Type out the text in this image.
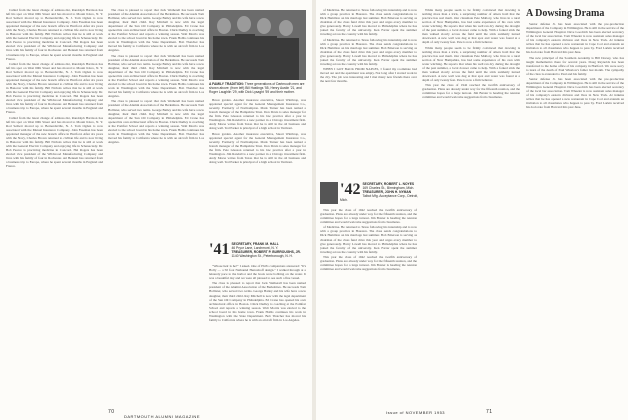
Culled from the latest change of address-list, Randolph Harrison has left his spot on West 60th Street and has moved to Mount Kisco, N. Y. Rod Seibert moved up to Bernardsville, N. J. Tom Ogden is now associated with the Mutual Insurance Company. John Freeman has been appointed manager of the new branch office in Hartford. After six years with the Navy, Charles Brown returned to civilian life and is now living in Hanover with his family. Bill Nichols writes that he is still at work with the General Electric Company and enjoying life in Schenectady. Dr. Bob Pearce is practicing medicine in Concord. Hal Rogers has been elected vice president of the Wildwood Manufacturing Company and lives with his family of four in Rochester. Art Bennett has returned from a business trip to Europe, where he spent several months in England and France.

Culled from the latest change of address-list, Randolph Harrison has left his spot on West 60th Street and has moved to Mount Kisco, N. Y. Rod Seibert moved up to Bernardsville, N. J. Tom Ogden is now associated with the Mutual Insurance Company. John Freeman has been appointed manager of the new branch office in Hartford. After six years with the Navy, Charles Brown returned to civilian life and is now living in Hanover with his family. Bill Nichols writes that he is still at work with the General Electric Company and enjoying life in Schenectady. Dr. Bob Pearce is practicing medicine in Concord. Hal Rogers has been elected vice president of the Wildwood Manufacturing Company and lives with his family of four in Rochester. Art Bennett has returned from a business trip to Europe, where he spent several months in England and France.

Culled from the latest change of address-list, Randolph Harrison has left his spot on West 60th Street and has moved to Mount Kisco, N. Y. Rod Seibert moved up to Bernardsville, N. J. Tom Ogden is now associated with the Mutual Insurance Company. John Freeman has been appointed manager of the new branch office in Hartford. After six years with the Navy, Charles Brown returned to civilian life and is now living in Hanover with his family. Bill Nichols writes that he is still at work with the General Electric Company and enjoying life in Schenectady. Dr. Bob Pearce is practicing medicine in Concord. Hal Rogers has been elected vice president of the Wildwood Manufacturing Company and lives with his family of four in Rochester. Art Bennett has returned from a business trip to Europe, where he spent several months in England and France.

The class is pleased to report that Jack Wetherell has been named president of the Alumni Association of the Berkshires. He succeeds Tom Hollister, who served two terms. George Bailey and his wife have a new daughter, their third child. Ray Mitchell is now with the legal department of the Sun Oil Company in Philadelphia. Ed Crane has opened his own architectural office in Boston. Chick Dudley is coaching at the Pomfret School and reports a winning season. Walt Morris was elected to the school board in his home town. Frank Hollis continues his work in Washington with the State Department. Bob Thatcher has moved his family to California where he is with an aircraft firm in Los Angeles.

The class is pleased to report that Jack Wetherell has been named president of the Alumni Association of the Berkshires. He succeeds Tom Hollister, who served two terms. George Bailey and his wife have a new daughter, their third child. Ray Mitchell is now with the legal department of the Sun Oil Company in Philadelphia. Ed Crane has opened his own architectural office in Boston. Chick Dudley is coaching at the Pomfret School and reports a winning season. Walt Morris was elected to the school board in his home town. Frank Hollis continues his work in Washington with the State Department. Bob Thatcher has moved his family to California where he is with an aircraft firm in Los Angeles.

The class is pleased to report that Jack Wetherell has been named president of the Alumni Association of the Berkshires. He succeeds Tom Hollister, who served two terms. George Bailey and his wife have a new daughter, their third child. Ray Mitchell is now with the legal department of the Sun Oil Company in Philadelphia. Ed Crane has opened his own architectural office in Boston. Chick Dudley is coaching at the Pomfret School and reports a winning season. Walt Morris was elected to the school board in his home town. Frank Hollis continues his work in Washington with the State Department. Bob Thatcher has moved his family to California where he is with an aircraft firm in Los Angeles.

A FAMILY TRADITION: Three generations of Dartmouth men are shown above: (from left) Bill Hastings '55, Henry Austin '21, and Roger Laughlin '29, with Dick Lysaght '59 and their mother.

Bruce garden. Another insurance executive, Stuart Winthrop, was appointed special agent for the General Management Insurance Co., recently. Formerly of Northampton. Mark Turner has been named a branch manager of the Hampshire Trust. Don Davis is sales manager for the firm. Pete Gleason returned to his law practice after a year in Washington. Jim Randall is a new partner in a Chicago investment firm. Andy Morse writes from Texas that he is still in the oil business and doing well. Ted Parker is principal of a high school in Vermont.

Bruce garden. Another insurance executive, Stuart Winthrop, was appointed special agent for the General Management Insurance Co., recently. Formerly of Northampton. Mark Turner has been named a branch manager of the Hampshire Trust. Don Davis is sales manager for the firm. Pete Gleason returned to his law practice after a year in Washington. Jim Randall is a new partner in a Chicago investment firm. Andy Morse writes from Texas that he is still in the oil business and doing well. Ted Parker is principal of a high school in Vermont.

'41 SECRETARY, FRANK M. HALL
46 Pryor Lane, Larchmont, N. Y.
TREASURER, ROBERT P. BURROUGHS, JR.
1140 Washington St., Peterborough, N. H.

"Whose heir is he?" I asked. One of Phil's companions answered: "It's Holly — a 50 foot Nathaniel Herreshoff design." I walked through at a leisurely pace to the harbor and the boats were bobbing on the water. It was a beautiful day and we were all pleased to see such a fine vessel.

The class is pleased to report that Jack Wetherell has been named president of the Alumni Association of the Berkshires. He succeeds Tom Hollister, who served two terms. George Bailey and his wife have a new daughter, their third child. Ray Mitchell is now with the legal department of the Sun Oil Company in Philadelphia. Ed Crane has opened his own architectural office in Boston. Chick Dudley is coaching at the Pomfret School and reports a winning season. Walt Morris was elected to the school board in his home town. Frank Hollis continues his work in Washington with the State Department. Bob Thatcher has moved his family to California where he is with an aircraft firm in Los Angeles.

70
DARTMOUTH ALUMNI MAGAZINE

of Medicine. He returned to Texas following his internship and is now with a group practice in Houston. The class sends congratulations to Dick Hamilton on his marriage last summer. Bob Emerson is serving as chairman of the class fund drive this year and urges every member to give generously. Harry Lowell has moved to Philadelphia where he has joined the faculty of the university. Ken Farrar spent the summer traveling across the country with his family.

of Medicine. He returned to Texas following his internship and is now with a group practice in Houston. The class sends congratulations to Dick Hamilton on his marriage last summer. Bob Emerson is serving as chairman of the class fund drive this year and urges every member to give generously. Harry Lowell has moved to Philadelphia where he has joined the faculty of the university. Ken Farrar spent the summer traveling across the country with his family.

WHEN I GOT BACK FROM NAPLES, I found my roommate had moved out and the apartment was empty. Not long after I started work in the city. The job was interesting and I met many new friends there over the next few months.

'42 SECRETARY, ROBERT L. NOYES
169 Charles St., Birmingham, Mich.
TREASURER, JOHN H. NYMAN
Talbot Mfg. Acceptance Corp., Detroit, Mich.

This year the class of 1942 reached the twelfth anniversary of graduation. Plans are already under way for the fifteenth reunion, and the committee hopes for a large turnout. Jim Baxter is heading the reunion committee and would welcome suggestions from classmates.

of Medicine. He returned to Texas following his internship and is now with a group practice in Houston. The class sends congratulations to Dick Hamilton on his marriage last summer. Bob Emerson is serving as chairman of the class fund drive this year and urges every member to give generously. Harry Lowell has moved to Philadelphia where he has joined the faculty of the university. Ken Farrar spent the summer traveling across the country with his family.

This year the class of 1942 reached the twelfth anniversary of graduation. Plans are already under way for the fifteenth reunion, and the committee hopes for a large turnout. Jim Baxter is heading the reunion committee and would welcome suggestions from classmates.

While many people seem to be firmly convinced that dowsing is nothing more than a trick, a surprising number of others hold that the practice has real merit. Our classmate Pete Mallory, who lives in a rural section of New Hampshire, has had some experience of his own with water witching. He reports that when his well ran dry during the drought of the past summer, a local dowser came to help. With a forked stick the man walked slowly across the field until the stick suddenly turned downward. A new well was dug at that spot and water was found at a depth of only twenty feet. Pete is now a firm believer.

While many people seem to be firmly convinced that dowsing is nothing more than a trick, a surprising number of others hold that the practice has real merit. Our classmate Pete Mallory, who lives in a rural section of New Hampshire, has had some experience of his own with water witching. He reports that when his well ran dry during the drought of the past summer, a local dowser came to help. With a forked stick the man walked slowly across the field until the stick suddenly turned downward. A new well was dug at that spot and water was found at a depth of only twenty feet. Pete is now a firm believer.

This year the class of 1942 reached the twelfth anniversary of graduation. Plans are already under way for the fifteenth reunion, and the committee hopes for a large turnout. Jim Baxter is heading the reunion committee and would welcome suggestions from classmates.

A Dowsing Drama

Senior defense Jr. has been associated with the pre-production department of the Company in Wilmington. He is still in the service of the Wilmington General Hospital. Dave Goodrich has been elected secretary of the local bar association. Tom Wheeler is now assistant sales manager of his company's eastern division and lives in New York. Al Jenkins writes that he has opened a new restaurant in Cape Cod and extends an invitation to all classmates who happen to pass by. Fred Larkin received his doctorate from Harvard this past June.

The new principal of the Southern Academy is Bill Dorsey, who has taught mathematics there for several years. Doug Reynolds has been transferred to the home office of his company in Hartford. We were sorry to learn of the death of Paul Winslow's father last month. The sympathy of the class is extended to Paul and his family.

Senior defense Jr. has been associated with the pre-production department of the Company in Wilmington. He is still in the service of the Wilmington General Hospital. Dave Goodrich has been elected secretary of the local bar association. Tom Wheeler is now assistant sales manager of his company's eastern division and lives in New York. Al Jenkins writes that he has opened a new restaurant in Cape Cod and extends an invitation to all classmates who happen to pass by. Fred Larkin received his doctorate from Harvard this past June.

Issue of NOVEMBER 1953	71
